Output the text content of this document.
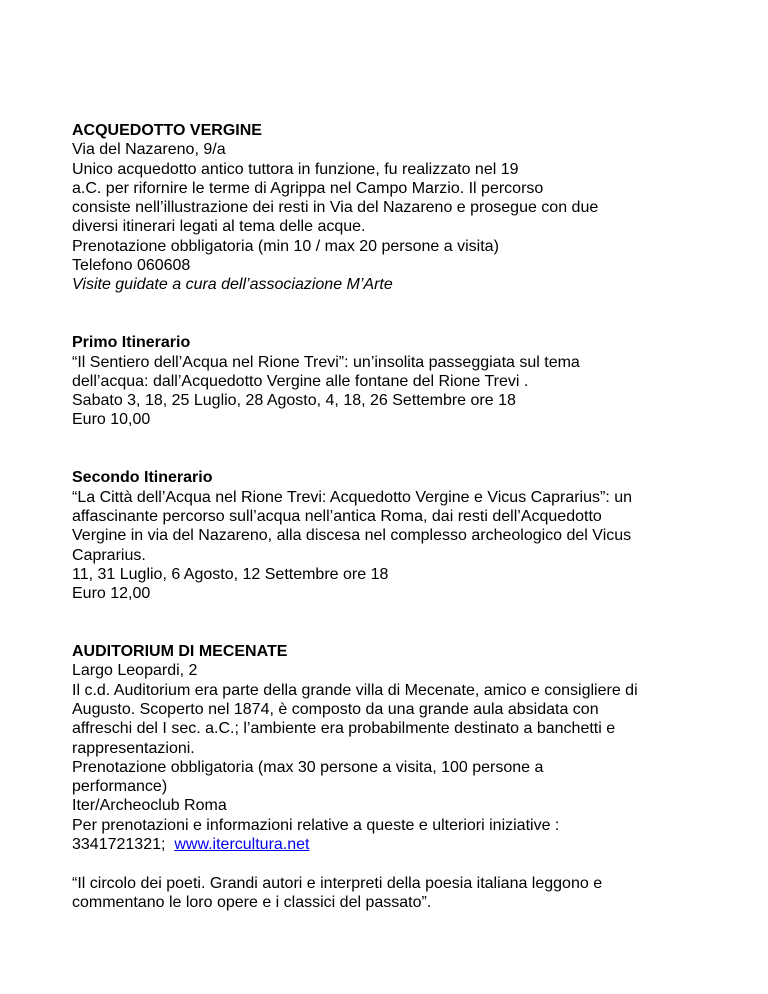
ACQUEDOTTO VERGINE
Via del Nazareno, 9/a
Unico acquedotto antico tuttora in funzione, fu realizzato nel 19
a.C. per rifornire le terme di Agrippa nel Campo Marzio. Il percorso
consiste nell’illustrazione dei resti in Via del Nazareno e prosegue con due
diversi itinerari legati al tema delle acque.
Prenotazione obbligatoria (min 10 / max 20 persone a visita)
Telefono 060608
Visite guidate a cura dell’associazione M’Arte
Primo Itinerario
“Il Sentiero dell’Acqua nel Rione Trevi”: un’insolita passeggiata sul tema
dell’acqua: dall’Acquedotto Vergine alle fontane del Rione Trevi .
Sabato 3, 18, 25 Luglio, 28 Agosto, 4, 18, 26 Settembre ore 18
Euro 10,00
Secondo Itinerario
“La Città dell’Acqua nel Rione Trevi: Acquedotto Vergine e Vicus Caprarius”: un
affascinante percorso sull’acqua nell’antica Roma, dai resti dell’Acquedotto
Vergine in via del Nazareno, alla discesa nel complesso archeologico del Vicus
Caprarius.
11, 31 Luglio, 6 Agosto, 12 Settembre ore 18
Euro 12,00
AUDITORIUM DI MECENATE
Largo Leopardi, 2
Il c.d. Auditorium era parte della grande villa di Mecenate, amico e consigliere di
Augusto. Scoperto nel 1874, è composto da una grande aula absidata con
affreschi del I sec. a.C.; l’ambiente era probabilmente destinato a banchetti e
rappresentazioni.
Prenotazione obbligatoria (max 30 persone a visita, 100 persone a
performance)
Iter/Archeoclub Roma
Per prenotazioni e informazioni relative a queste e ulteriori iniziative :
3341721321; www.itercultura.net
“Il circolo dei poeti. Grandi autori e interpreti della poesia italiana leggono e
commentano le loro opere e i classici del passato”.
